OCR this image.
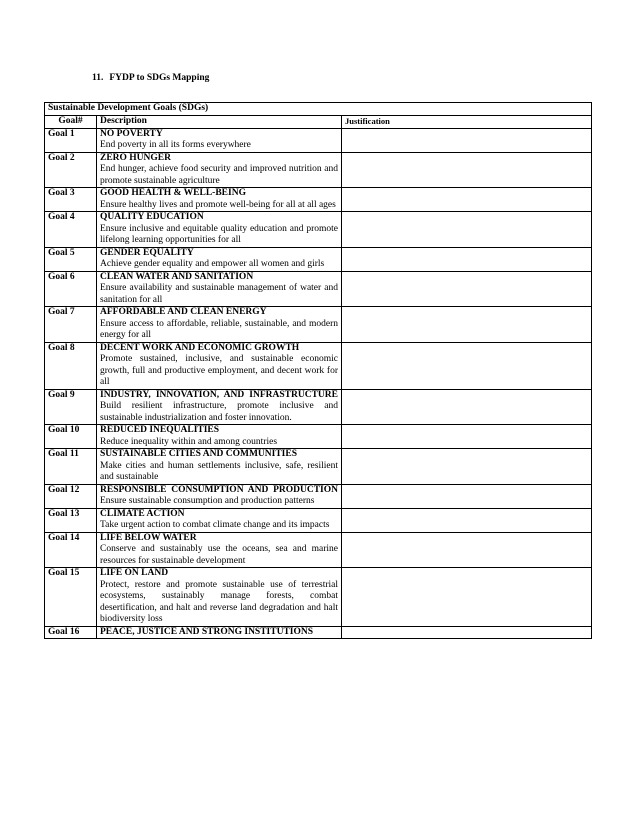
11. FYDP to SDGs Mapping
Sustainable Development Goals (SDGs)		
Goal#	Description	Justification
Goal 1	NO POVERTY
End poverty in all its forms everywhere	

Goal 2	ZERO HUNGER
End hunger, achieve food security and improved nutrition and promote sustainable agriculture	

Goal 3	GOOD HEALTH & WELL-BEING
Ensure healthy lives and promote well-being for all at all ages	

Goal 4	QUALITY EDUCATION
Ensure inclusive and equitable quality education and promote lifelong learning opportunities for all	

Goal 5	GENDER EQUALITY
Achieve gender equality and empower all women and girls	

Goal 6	CLEAN WATER AND SANITATION
Ensure availability and sustainable management of water and sanitation for all	

Goal 7	AFFORDABLE AND CLEAN ENERGY
Ensure access to affordable, reliable, sustainable, and modern energy for all	

Goal 8	DECENT WORK AND ECONOMIC GROWTH
Promote sustained, inclusive, and sustainable economic growth, full and productive employment, and decent work for all	

Goal 9	INDUSTRY, INNOVATION, AND INFRASTRUCTURE
Build resilient infrastructure, promote inclusive and sustainable industrialization and foster innovation.	

Goal 10	REDUCED INEQUALITIES
Reduce inequality within and among countries	

Goal 11	SUSTAINABLE CITIES AND COMMUNITIES
Make cities and human settlements inclusive, safe, resilient and sustainable	

Goal 12	RESPONSIBLE CONSUMPTION AND PRODUCTION
Ensure sustainable consumption and production patterns	

Goal 13	CLIMATE ACTION
Take urgent action to combat climate change and its impacts	

Goal 14	LIFE BELOW WATER
Conserve and sustainably use the oceans, sea and marine resources for sustainable development	

Goal 15	LIFE ON LAND
Protect, restore and promote sustainable use of terrestrial ecosystems, sustainably manage forests, combat desertification, and halt and reverse land degradation and halt biodiversity loss	

Goal 16	PEACE, JUSTICE AND STRONG INSTITUTIONS	
